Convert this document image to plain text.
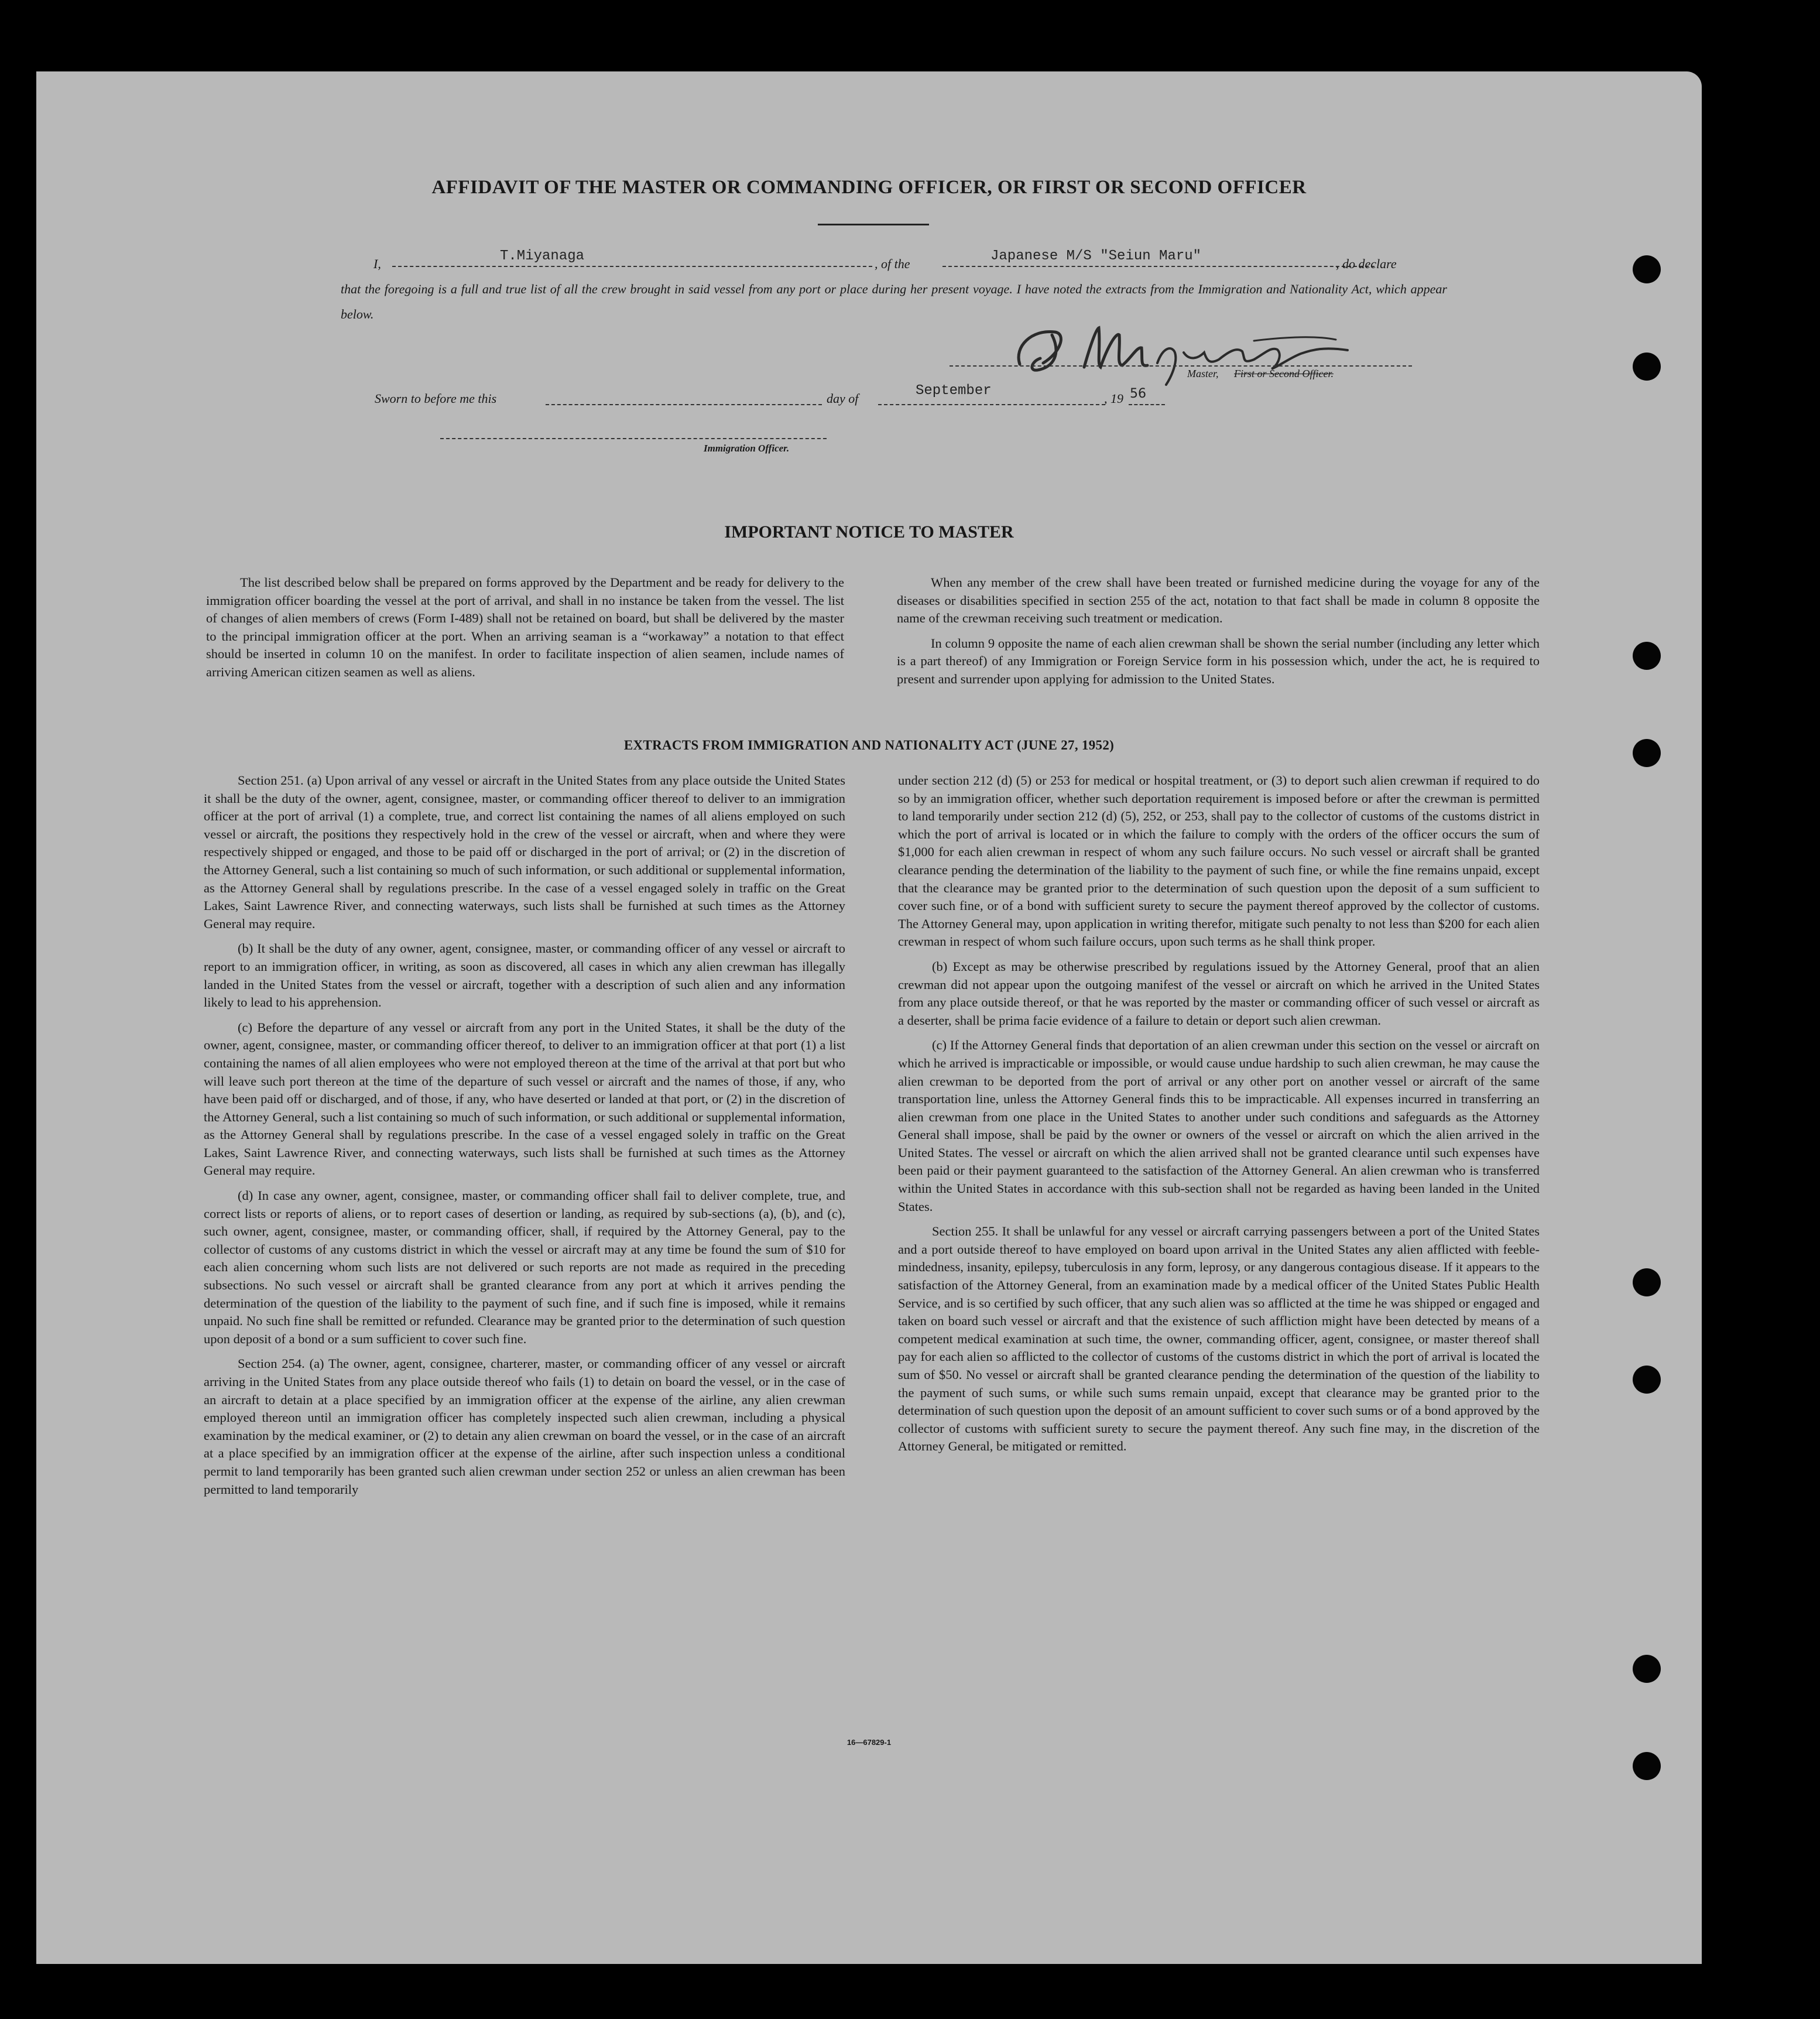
AFFIDAVIT OF THE MASTER OR COMMANDING OFFICER, OR FIRST OR SECOND OFFICER
I,	T.Miyanaga	, of the	Japanese M/S "Seiun Maru"	, do declare
that the foregoing is a full and true list of all the crew brought in said vessel from any port or place during her present voyage. I have noted the extracts from the Immigration and Nationality Act, which appear below.
Master, First or Second Officer.
Sworn to before me this	day of	September	, 19 56
Immigration Officer.
IMPORTANT NOTICE TO MASTER

The list described below shall be prepared on forms approved by the Department and be ready for delivery to the immigration officer boarding the vessel at the port of arrival, and shall in no instance be taken from the vessel. The list of changes of alien members of crews (Form I-489) shall not be retained on board, but shall be delivered by the master to the principal immigration officer at the port. When an arriving seaman is a “workaway” a notation to that effect should be inserted in column 10 on the manifest. In order to facilitate inspection of alien seamen, include names of arriving American citizen seamen as well as aliens.

When any member of the crew shall have been treated or furnished medicine during the voyage for any of the diseases or disabilities specified in section 255 of the act, notation to that fact shall be made in column 8 opposite the name of the crewman receiving such treatment or medication.

In column 9 opposite the name of each alien crewman shall be shown the serial number (including any letter which is a part thereof) of any Immigration or Foreign Service form in his possession which, under the act, he is required to present and surrender upon applying for admission to the United States.

EXTRACTS FROM IMMIGRATION AND NATIONALITY ACT (JUNE 27, 1952)

Section 251. (a) Upon arrival of any vessel or aircraft in the United States from any place outside the United States it shall be the duty of the owner, agent, consignee, master, or commanding officer thereof to deliver to an immigration officer at the port of arrival (1) a complete, true, and correct list containing the names of all aliens employed on such vessel or aircraft, the positions they respectively hold in the crew of the vessel or aircraft, when and where they were respectively shipped or engaged, and those to be paid off or discharged in the port of arrival; or (2) in the discretion of the Attorney General, such a list containing so much of such information, or such additional or supplemental information, as the Attorney General shall by regulations prescribe. In the case of a vessel engaged solely in traffic on the Great Lakes, Saint Lawrence River, and connecting waterways, such lists shall be furnished at such times as the Attorney General may require.

(b) It shall be the duty of any owner, agent, consignee, master, or commanding officer of any vessel or aircraft to report to an immigration officer, in writing, as soon as discovered, all cases in which any alien crewman has illegally landed in the United States from the vessel or aircraft, together with a description of such alien and any information likely to lead to his apprehension.

(c) Before the departure of any vessel or aircraft from any port in the United States, it shall be the duty of the owner, agent, consignee, master, or commanding officer thereof, to deliver to an immigration officer at that port (1) a list containing the names of all alien employees who were not employed thereon at the time of the arrival at that port but who will leave such port thereon at the time of the departure of such vessel or aircraft and the names of those, if any, who have been paid off or discharged, and of those, if any, who have deserted or landed at that port, or (2) in the discretion of the Attorney General, such a list containing so much of such information, or such additional or supplemental information, as the Attorney General shall by regulations prescribe. In the case of a vessel engaged solely in traffic on the Great Lakes, Saint Lawrence River, and connecting waterways, such lists shall be furnished at such times as the Attorney General may require.

(d) In case any owner, agent, consignee, master, or commanding officer shall fail to deliver complete, true, and correct lists or reports of aliens, or to report cases of desertion or landing, as required by sub-sections (a), (b), and (c), such owner, agent, consignee, master, or commanding officer, shall, if required by the Attorney General, pay to the collector of customs of any customs district in which the vessel or aircraft may at any time be found the sum of $10 for each alien concerning whom such lists are not delivered or such reports are not made as required in the preceding subsections. No such vessel or aircraft shall be granted clearance from any port at which it arrives pending the determination of the question of the liability to the payment of such fine, and if such fine is imposed, while it remains unpaid. No such fine shall be remitted or refunded. Clearance may be granted prior to the determination of such question upon deposit of a bond or a sum sufficient to cover such fine.

Section 254. (a) The owner, agent, consignee, charterer, master, or commanding officer of any vessel or aircraft arriving in the United States from any place outside thereof who fails (1) to detain on board the vessel, or in the case of an aircraft to detain at a place specified by an immigration officer at the expense of the airline, any alien crewman employed thereon until an immigration officer has completely inspected such alien crewman, including a physical examination by the medical examiner, or (2) to detain any alien crewman on board the vessel, or in the case of an aircraft at a place specified by an immigration officer at the expense of the airline, after such inspection unless a conditional permit to land temporarily has been granted such alien crewman under section 252 or unless an alien crewman has been permitted to land temporarily

under section 212 (d) (5) or 253 for medical or hospital treatment, or (3) to deport such alien crewman if required to do so by an immigration officer, whether such deportation requirement is imposed before or after the crewman is permitted to land temporarily under section 212 (d) (5), 252, or 253, shall pay to the collector of customs of the customs district in which the port of arrival is located or in which the failure to comply with the orders of the officer occurs the sum of $1,000 for each alien crewman in respect of whom any such failure occurs. No such vessel or aircraft shall be granted clearance pending the determination of the liability to the payment of such fine, or while the fine remains unpaid, except that the clearance may be granted prior to the determination of such question upon the deposit of a sum sufficient to cover such fine, or of a bond with sufficient surety to secure the payment thereof approved by the collector of customs. The Attorney General may, upon application in writing therefor, mitigate such penalty to not less than $200 for each alien crewman in respect of whom such failure occurs, upon such terms as he shall think proper.

(b) Except as may be otherwise prescribed by regulations issued by the Attorney General, proof that an alien crewman did not appear upon the outgoing manifest of the vessel or aircraft on which he arrived in the United States from any place outside thereof, or that he was reported by the master or commanding officer of such vessel or aircraft as a deserter, shall be prima facie evidence of a failure to detain or deport such alien crewman.

(c) If the Attorney General finds that deportation of an alien crewman under this section on the vessel or aircraft on which he arrived is impracticable or impossible, or would cause undue hardship to such alien crewman, he may cause the alien crewman to be deported from the port of arrival or any other port on another vessel or aircraft of the same transportation line, unless the Attorney General finds this to be impracticable. All expenses incurred in transferring an alien crewman from one place in the United States to another under such conditions and safeguards as the Attorney General shall impose, shall be paid by the owner or owners of the vessel or aircraft on which the alien arrived in the United States. The vessel or aircraft on which the alien arrived shall not be granted clearance until such expenses have been paid or their payment guaranteed to the satisfaction of the Attorney General. An alien crewman who is transferred within the United States in accordance with this sub-section shall not be regarded as having been landed in the United States.

Section 255. It shall be unlawful for any vessel or aircraft carrying passengers between a port of the United States and a port outside thereof to have employed on board upon arrival in the United States any alien afflicted with feeble-mindedness, insanity, epilepsy, tuberculosis in any form, leprosy, or any dangerous contagious disease. If it appears to the satisfaction of the Attorney General, from an examination made by a medical officer of the United States Public Health Service, and is so certified by such officer, that any such alien was so afflicted at the time he was shipped or engaged and taken on board such vessel or aircraft and that the existence of such affliction might have been detected by means of a competent medical examination at such time, the owner, commanding officer, agent, consignee, or master thereof shall pay for each alien so afflicted to the collector of customs of the customs district in which the port of arrival is located the sum of $50. No vessel or aircraft shall be granted clearance pending the determination of the question of the liability to the payment of such sums, or while such sums remain unpaid, except that clearance may be granted prior to the determination of such question upon the deposit of an amount sufficient to cover such sums or of a bond approved by the collector of customs with sufficient surety to secure the payment thereof. Any such fine may, in the discretion of the Attorney General, be mitigated or remitted.

16—67829-1
